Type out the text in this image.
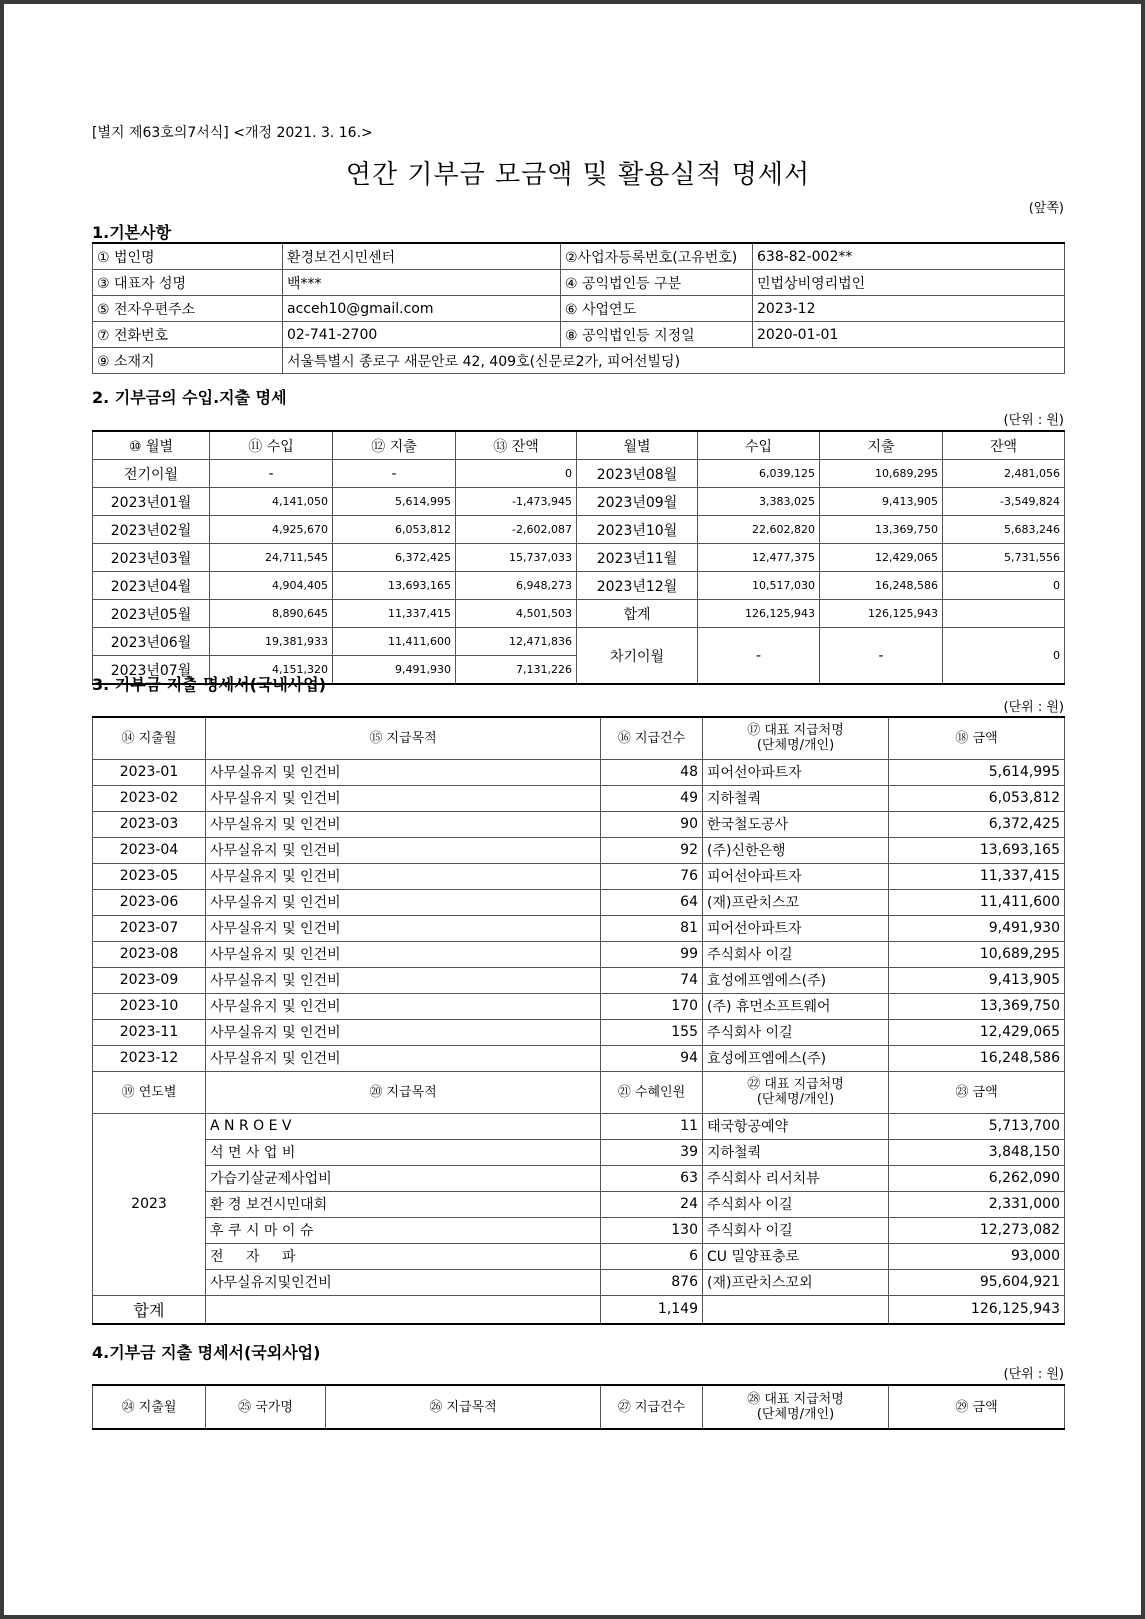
[별지 제63호의7서식] <개정 2021. 3. 16.>
연간 기부금 모금액 및 활용실적 명세서
(앞쪽)
1.기본사항
① 법인명	환경보건시민센터	②사업자등록번호(고유번호)	638-82-002**
③ 대표자 성명	백***	④ 공익법인등 구분	민법상비영리법인
⑤ 전자우편주소	acceh10@gmail.com	⑥ 사업연도	2023-12
⑦ 전화번호	02-741-2700	⑧ 공익법인등 지정일	2020-01-01
⑨ 소재지	서울특별시 종로구 새문안로 42, 409호(신문로2가, 피어선빌딩)		
2. 기부금의 수입.지출 명세
(단위 : 원)
⑩ 월별	⑪ 수입	⑫ 지출	⑬ 잔액	월별	수입	지출	잔액
전기이월	-	-	0	2023년08월	6,039,125	10,689,295	2,481,056
2023년01월	4,141,050	5,614,995	-1,473,945	2023년09월	3,383,025	9,413,905	-3,549,824
2023년02월	4,925,670	6,053,812	-2,602,087	2023년10월	22,602,820	13,369,750	5,683,246
2023년03월	24,711,545	6,372,425	15,737,033	2023년11월	12,477,375	12,429,065	5,731,556
2023년04월	4,904,405	13,693,165	6,948,273	2023년12월	10,517,030	16,248,586	0
2023년05월	8,890,645	11,337,415	4,501,503	합계	126,125,943	126,125,943	
2023년06월	19,381,933	11,411,600	12,471,836	차기이월	-	-	0
2023년07월	4,151,320	9,491,930	7,131,226				
3. 기부금 지출 명세서(국내사업)
(단위 : 원)
⑭ 지출월	⑮ 지급목적	⑯ 지급건수	⑰ 대표 지급처명
(단체명/개인)	⑱ 금액
2023-01	사무실유지 및 인건비	48	피어선아파트자	5,614,995
2023-02	사무실유지 및 인건비	49	지하철쿽	6,053,812
2023-03	사무실유지 및 인건비	90	한국철도공사	6,372,425
2023-04	사무실유지 및 인건비	92	(주)신한은행	13,693,165
2023-05	사무실유지 및 인건비	76	피어선아파트자	11,337,415
2023-06	사무실유지 및 인건비	64	(재)프란치스꼬	11,411,600
2023-07	사무실유지 및 인건비	81	피어선아파트자	9,491,930
2023-08	사무실유지 및 인건비	99	주식회사 이길	10,689,295
2023-09	사무실유지 및 인건비	74	효성에프엠에스(주)	9,413,905
2023-10	사무실유지 및 인건비	170	(주) 휴먼소프트웨어	13,369,750
2023-11	사무실유지 및 인건비	155	주식회사 이길	12,429,065
2023-12	사무실유지 및 인건비	94	효성에프엠에스(주)	16,248,586
⑲ 연도별	⑳ 지급목적	㉑ 수혜인원	㉒ 대표 지급처명
(단체명/개인)	㉓ 금액
2023	A N R O E V	11	태국항공예약	5,713,700
	석 면 사 업 비	39	지하철쿽	3,848,150
	가습기살균제사업비	63	주식회사 리서치뷰	6,262,090
	환 경 보건시민대회	24	주식회사 이길	2,331,000
	후 쿠 시 마 이 슈	130	주식회사 이길	12,273,082
	전 자 파	6	CU 밀양표충로	93,000
	사무실유지및인건비	876	(재)프란치스꼬외	95,604,921
합계		1,149		126,125,943
4.기부금 지출 명세서(국외사업)
(단위 : 원)
㉔ 지출월	㉕ 국가명	㉖ 지급목적	㉗ 지급건수	㉘ 대표 지급처명
(단체명/개인)	㉙ 금액
